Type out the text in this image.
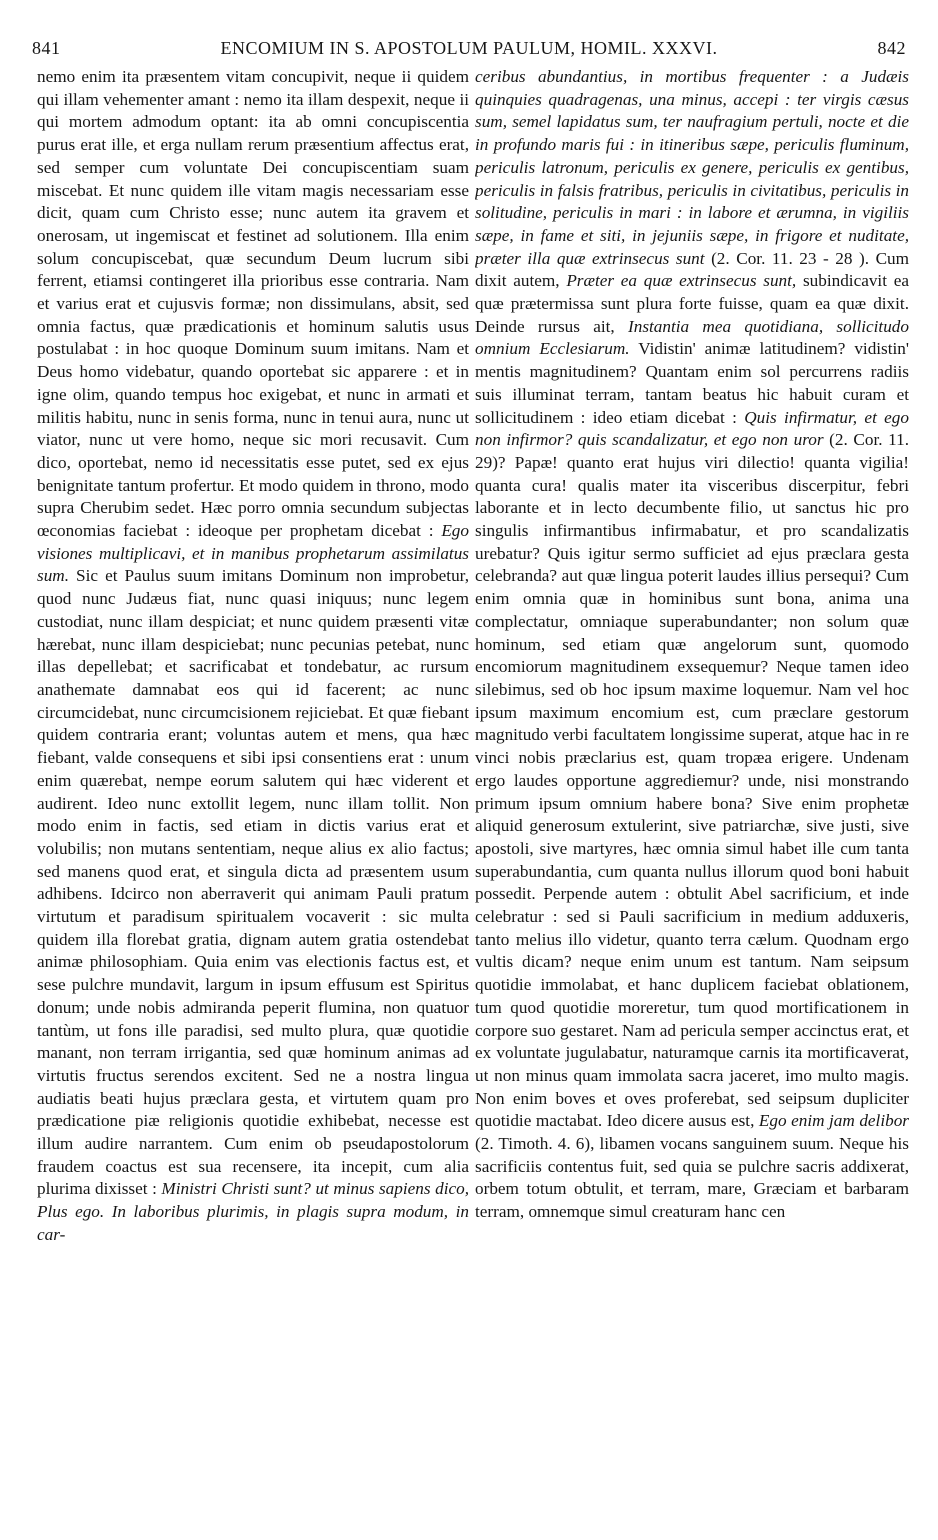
841	ENCOMIUM IN S. APOSTOLUM PAULUM, HOMIL. XXXVI.	842

nemo enim ita præsentem vitam concupivit, neque ii quidem qui illam vehementer amant : nemo ita illam despexit, neque ii qui mortem admodum optant: ita ab omni concupiscentia purus erat ille, et erga nullam rerum præsentium affectus erat, sed semper cum voluntate Dei concupiscentiam suam miscebat. Et nunc quidem ille vitam magis necessariam esse dicit, quam cum Christo esse; nunc autem ita gravem et onerosam, ut ingemiscat et festinet ad solutionem. Illa enim solum concupiscebat, quæ secundum Deum lucrum sibi ferrent, etiamsi contingeret illa prioribus esse contraria. Nam et varius erat et cujusvis formæ; non dissimulans, absit, sed omnia factus, quæ prædicationis et hominum salutis usus postulabat : in hoc quoque Dominum suum imitans. Nam et Deus homo videbatur, quando oportebat sic apparere : et in igne olim, quando tempus hoc exigebat, et nunc in armati et militis habitu, nunc in senis forma, nunc in tenui aura, nunc ut viator, nunc ut vere homo, neque sic mori recusavit. Cum dico, oportebat, nemo id necessitatis esse putet, sed ex ejus benignitate tantum profertur. Et modo quidem in throno, modo supra Cherubim sedet. Hæc porro omnia secundum subjectas œconomias faciebat : ideoque per prophetam dicebat : Ego visiones multiplicavi, et in manibus prophetarum assimilatus sum. Sic et Paulus suum imitans Dominum non improbetur, quod nunc Judæus fiat, nunc quasi iniquus; nunc legem custodiat, nunc illam despiciat; et nunc quidem præsenti vitæ hærebat, nunc illam despiciebat; nunc pecunias petebat, nunc illas depellebat; et sacrificabat et tondebatur, ac rursum anathemate damnabat eos qui id facerent; ac nunc circumcidebat, nunc circumcisionem rejiciebat. Et quæ fiebant quidem contraria erant; voluntas autem et mens, qua hæc fiebant, valde consequens et sibi ipsi consentiens erat : unum enim quærebat, nempe eorum salutem qui hæc viderent et audirent. Ideo nunc extollit legem, nunc illam tollit. Non modo enim in factis, sed etiam in dictis varius erat et volubilis; non mutans sententiam, neque alius ex alio factus; sed manens quod erat, et singula dicta ad præsentem usum adhibens. Idcirco non aberraverit qui animam Pauli pratum virtutum et paradisum spiritualem vocaverit : sic multa quidem illa florebat gratia, dignam autem gratia ostendebat animæ philosophiam. Quia enim vas electionis factus est, et sese pulchre mundavit, largum in ipsum effusum est Spiritus donum; unde nobis admiranda peperit flumina, non quatuor tantùm, ut fons ille paradisi, sed multo plura, quæ quotidie manant, non terram irrigantia, sed quæ hominum animas ad virtutis fructus serendos excitent. Sed ne a nostra lingua audiatis beati hujus præclara gesta, et virtutem quam pro prædicatione piæ religionis quotidie exhibebat, necesse est illum audire narrantem. Cum enim ob pseudapostolorum fraudem coactus est sua recensere, ita incepit, cum alia plurima dixisset : Ministri Christi sunt? ut minus sapiens dico, Plus ego. In laboribus plurimis, in plagis supra modum, in car-

ceribus abundantius, in mortibus frequenter : a Judæis quinquies quadragenas, una minus, accepi : ter virgis cæsus sum, semel lapidatus sum, ter naufragium pertuli, nocte et die in profundo maris fui : in itineribus sæpe, periculis fluminum, periculis latronum, periculis ex genere, periculis ex gentibus, periculis in falsis fratribus, periculis in civitatibus, periculis in solitudine, periculis in mari : in labore et ærumna, in vigiliis sæpe, in fame et siti, in jejuniis sæpe, in frigore et nuditate, præter illa quæ extrinsecus sunt (2. Cor. 11. 23 - 28 ). Cum dixit autem, Præter ea quæ extrinsecus sunt, subindicavit ea quæ prætermissa sunt plura forte fuisse, quam ea quæ dixit. Deinde rursus ait, Instantia mea quotidiana, sollicitudo omnium Ecclesiarum. Vidistin' animæ latitudinem? vidistin' mentis magnitudinem? Quantam enim sol percurrens radiis suis illuminat terram, tantam beatus hic habuit curam et sollicitudinem : ideo etiam dicebat : Quis infirmatur, et ego non infirmor? quis scandalizatur, et ego non uror (2. Cor. 11. 29)? Papæ! quanto erat hujus viri dilectio! quanta vigilia! quanta cura! qualis mater ita visceribus discerpitur, febri laborante et in lecto decumbente filio, ut sanctus hic pro singulis infirmantibus infirmabatur, et pro scandalizatis urebatur? Quis igitur sermo sufficiet ad ejus præclara gesta celebranda? aut quæ lingua poterit laudes illius persequi? Cum enim omnia quæ in hominibus sunt bona, anima una complectatur, omniaque superabundanter; non solum quæ hominum, sed etiam quæ angelorum sunt, quomodo encomiorum magnitudinem exsequemur? Neque tamen ideo silebimus, sed ob hoc ipsum maxime loquemur. Nam vel hoc ipsum maximum encomium est, cum præclare gestorum magnitudo verbi facultatem longissime superat, atque hac in re vinci nobis præclarius est, quam tropæa erigere. Undenam ergo laudes opportune aggrediemur? unde, nisi monstrando primum ipsum omnium habere bona? Sive enim prophetæ aliquid generosum extulerint, sive patriarchæ, sive justi, sive apostoli, sive martyres, hæc omnia simul habet ille cum tanta superabundantia, cum quanta nullus illorum quod boni habuit possedit. Perpende autem : obtulit Abel sacrificium, et inde celebratur : sed si Pauli sacrificium in medium adduxeris, tanto melius illo videtur, quanto terra cælum. Quodnam ergo vultis dicam? neque enim unum est tantum. Nam seipsum quotidie immolabat, et hanc duplicem faciebat oblationem, tum quod quotidie moreretur, tum quod mortificationem in corpore suo gestaret. Nam ad pericula semper accinctus erat, et ex voluntate jugulabatur, naturamque carnis ita mortificaverat, ut non minus quam immolata sacra jaceret, imo multo magis. Non enim boves et oves proferebat, sed seipsum dupliciter quotidie mactabat. Ideo dicere ausus est, Ego enim jam delibor (2. Timoth. 4. 6), libamen vocans sanguinem suum. Neque his sacrificiis contentus fuit, sed quia se pulchre sacris addixerat, orbem totum obtulit, et terram, mare, Græciam et barbaram terram, omnemque simul creaturam hanc cen
